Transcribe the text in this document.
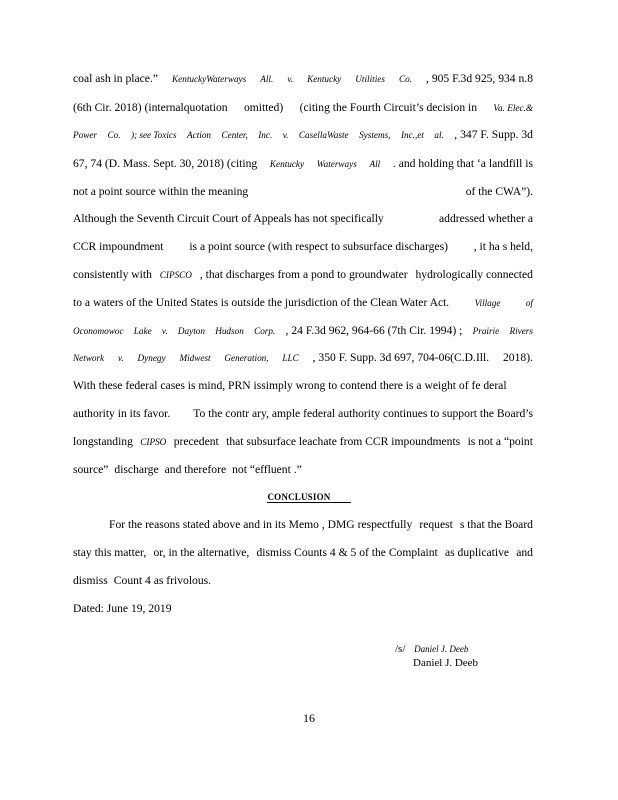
CONCLUSION
/s/ Daniel J. Deeb
Daniel J. Deeb
16
coal ash in place.” KentuckyWaterways All. v. Kentucky Utilities Co. , 905 F.3d 925, 934 n.8
(6th Cir. 2018) (internalquotation omitted) (citing the Fourth Circuit’s decision in Va. Elec.&
Power Co. ); see Toxics Action Center, Inc. v. CasellaWaste Systems, Inc.,et al. , 347 F. Supp. 3d
67, 74 (D. Mass. Sept. 30, 2018) (citing Kentucky Waterways All . and holding that ‘a landfill is
not a point source within the meaning	of the CWA”).
Although the Seventh Circuit Court of Appeals has not specifically	addressed whether a
CCR impoundment is a point source (with respect to subsurface discharges) , it ha s held,
consistently with CIPSCO , that discharges from a pond to groundwater hydrologically connected
to a waters of the United States is outside the jurisdiction of the Clean Water Act.	Village	of
Oconomowoc Lake v. Dayton Hudson Corp. , 24 F.3d 962, 964-66 (7th Cir. 1994) ; Prairie Rivers
Network v. Dynegy Midwest Generation, LLC , 350 F. Supp. 3d 697, 704-06(C.D.Ill. 2018).
With these federal cases is mind, PRN issimply wrong to contend there is a weight of fe deral
authority in its favor. To the contr ary, ample federal authority continues to support the Board’s
longstanding CIPSO precedent that subsurface leachate from CCR impoundments is not a “point
source” discharge and therefore not “effluent .”
For the reasons stated above and in its Memo , DMG respectfully request s that the Board
stay this matter, or, in the alternative, dismiss Counts 4 & 5 of the Complaint as duplicative and
dismiss Count 4 as frivolous.
Dated: June 19, 2019
